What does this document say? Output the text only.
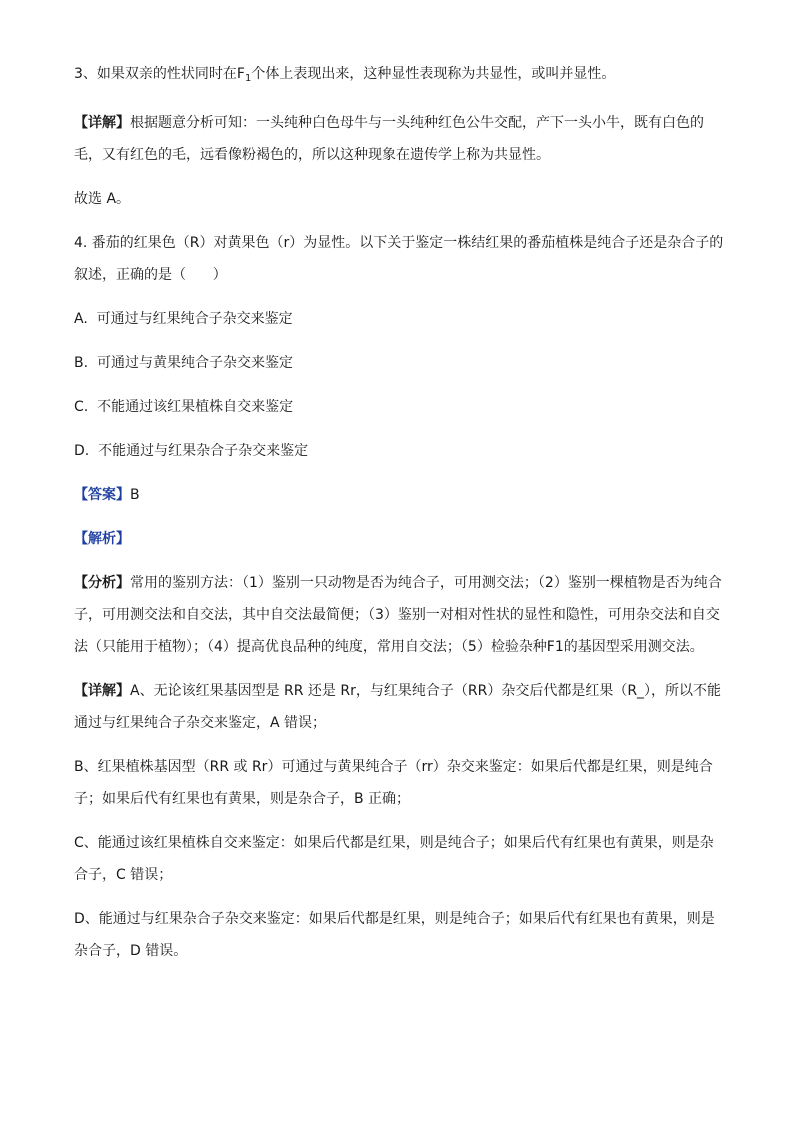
3、如果双亲的性状同时在$F_1$个体上表现出来，这种显性表现称为共显性，或叫并显性。

【详解】根据题意分析可知：一头纯种白色母牛与一头纯种红色公牛交配，产下一头小牛，既有白色的毛，又有红色的毛，远看像粉褐色的，所以这种现象在遗传学上称为共显性。

故选 A。

4. 番茄的红果色（R）对黄果色（r）为显性。以下关于鉴定一株结红果的番茄植株是纯合子还是杂合子的叙述，正确的是（      ）

A.  可通过与红果纯合子杂交来鉴定

B.  可通过与黄果纯合子杂交来鉴定

C.  不能通过该红果植株自交来鉴定

D.  不能通过与红果杂合子杂交来鉴定

【答案】B

【解析】

【分析】常用的鉴别方法：（1）鉴别一只动物是否为纯合子，可用测交法；（2）鉴别一棵植物是否为纯合子，可用测交法和自交法，其中自交法最简便；（3）鉴别一对相对性状的显性和隐性，可用杂交法和自交法（只能用于植物）；（4）提高优良品种的纯度，常用自交法；（5）检验杂种F1的基因型采用测交法。

【详解】A、无论该红果基因型是 RR 还是 Rr，与红果纯合子（RR）杂交后代都是红果（R_），所以不能通过与红果纯合子杂交来鉴定，A 错误；

B、红果植株基因型（RR 或 Rr）可通过与黄果纯合子（rr）杂交来鉴定：如果后代都是红果，则是纯合子；如果后代有红果也有黄果，则是杂合子，B 正确；

C、能通过该红果植株自交来鉴定：如果后代都是红果，则是纯合子；如果后代有红果也有黄果，则是杂合子，C 错误；

D、能通过与红果杂合子杂交来鉴定：如果后代都是红果，则是纯合子；如果后代有红果也有黄果，则是杂合子，D 错误。
